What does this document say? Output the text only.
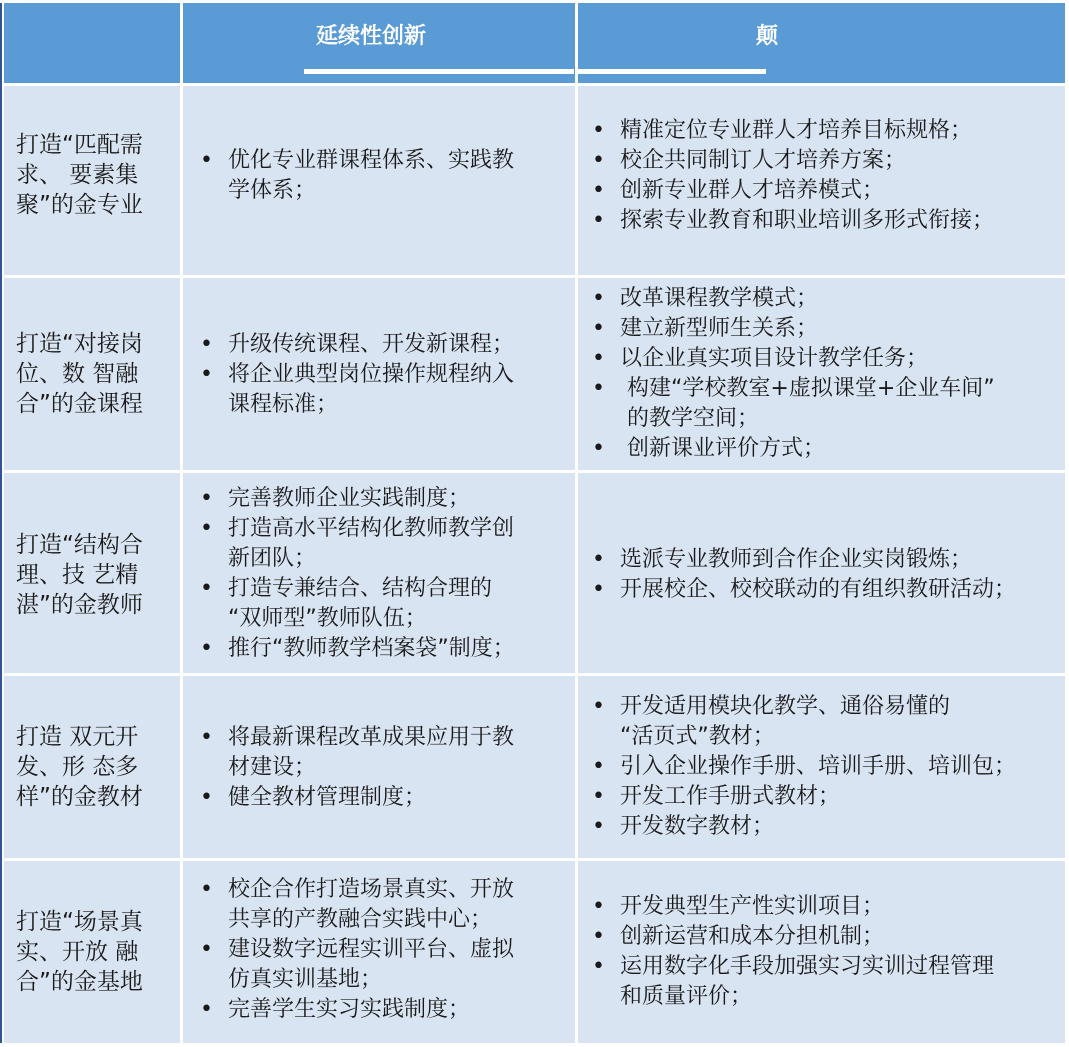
延续性创新	颠
打造“匹配需
求、 要素集
聚”的金专业
• 优化专业群课程体系、实践教
学体系；
• 精准定位专业群人才培养目标规格；
• 校企共同制订人才培养方案；
• 创新专业群人才培养模式；
• 探索专业教育和职业培训多形式衔接；
打造“对接岗
位、数 智融
合”的金课程
• 升级传统课程、开发新课程；
• 将企业典型岗位操作规程纳入
课程标准；
• 改革课程教学模式；
• 建立新型师生关系；
• 以企业真实项目设计教学任务；
•  构建“学校教室+虚拟课堂+企业车间”
的教学空间；
•  创新课业评价方式；
打造“结构合
理、技 艺精
湛”的金教师
• 完善教师企业实践制度；
• 打造高水平结构化教师教学创
新团队；
• 打造专兼结合、结构合理的
“双师型”教师队伍；
• 推行“教师教学档案袋”制度；
• 选派专业教师到合作企业实岗锻炼；
• 开展校企、校校联动的有组织教研活动；
打造 双元开
发、形 态多
样”的金教材
• 将最新课程改革成果应用于教
材建设；
• 健全教材管理制度；
• 开发适用模块化教学、通俗易懂的
“活页式”教材；
• 引入企业操作手册、培训手册、培训包；
• 开发工作手册式教材；
• 开发数字教材；
打造“场景真
实、开放 融
合”的金基地
• 校企合作打造场景真实、开放
共享的产教融合实践中心；
• 建设数字远程实训平台、虚拟
仿真实训基地；
• 完善学生实习实践制度；
• 开发典型生产性实训项目；
• 创新运营和成本分担机制；
• 运用数字化手段加强实习实训过程管理
和质量评价；
